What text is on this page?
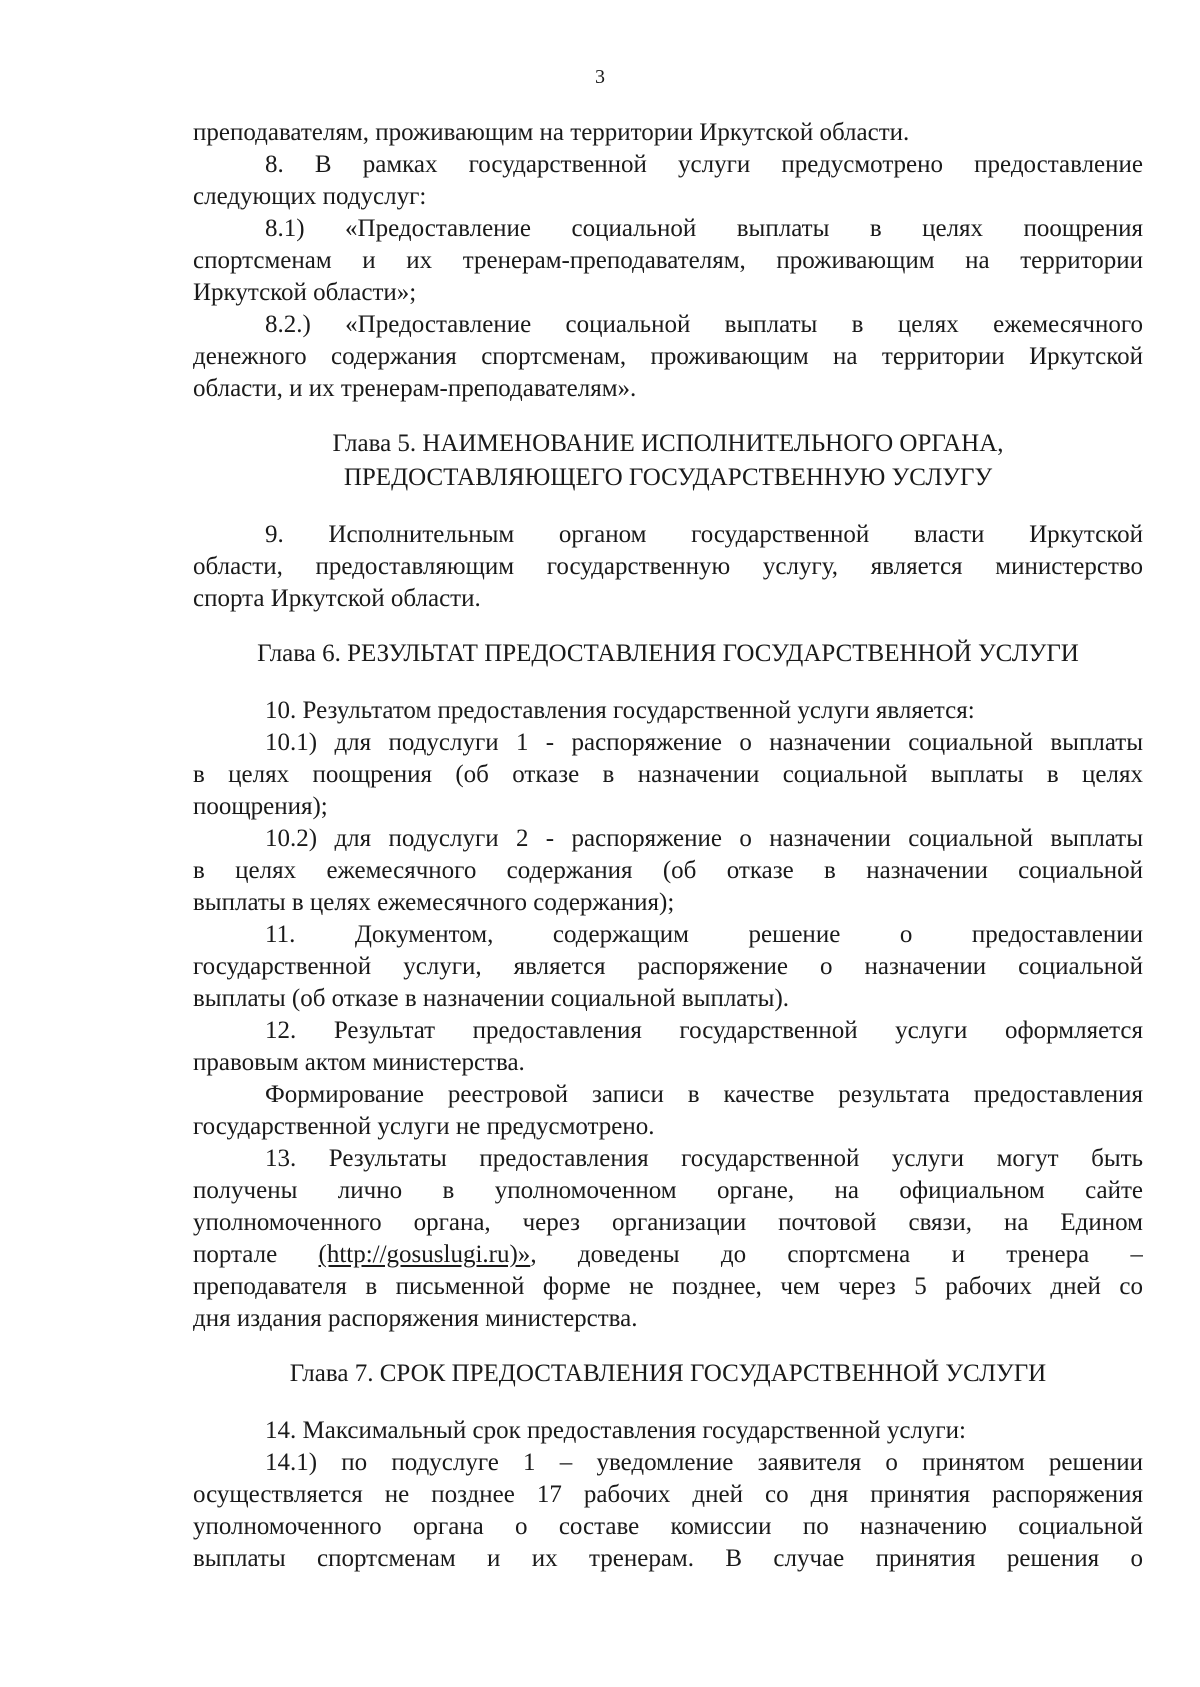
3
преподавателям, проживающим на территории Иркутской области.
8. В рамках государственной услуги предусмотрено предоставление
следующих подуслуг:
8.1) «Предоставление социальной выплаты в целях поощрения
спортсменам и их тренерам-преподавателям, проживающим на территории
Иркутской области»;
8.2.) «Предоставление социальной выплаты в целях ежемесячного
денежного содержания спортсменам, проживающим на территории Иркутской
области, и их тренерам-преподавателям».
Глава 5. НАИМЕНОВАНИЕ ИСПОЛНИТЕЛЬНОГО ОРГАНА,
ПРЕДОСТАВЛЯЮЩЕГО ГОСУДАРСТВЕННУЮ УСЛУГУ
9. Исполнительным органом государственной власти Иркутской
области, предоставляющим государственную услугу, является министерство
спорта Иркутской области.
Глава 6. РЕЗУЛЬТАТ ПРЕДОСТАВЛЕНИЯ ГОСУДАРСТВЕННОЙ УСЛУГИ
10. Результатом предоставления государственной услуги является:
10.1) для подуслуги 1 - распоряжение о назначении социальной выплаты
в целях поощрения (об отказе в назначении социальной выплаты в целях
поощрения);
10.2) для подуслуги 2 - распоряжение о назначении социальной выплаты
в целях ежемесячного содержания (об отказе в назначении социальной
выплаты в целях ежемесячного содержания);
11. Документом, содержащим решение о предоставлении
государственной услуги, является распоряжение о назначении социальной
выплаты (об отказе в назначении социальной выплаты).
12. Результат предоставления государственной услуги оформляется
правовым актом министерства.
Формирование реестровой записи в качестве результата предоставления
государственной услуги не предусмотрено.
13. Результаты предоставления государственной услуги могут быть
получены лично в уполномоченном органе, на официальном сайте
уполномоченного органа, через организации почтовой связи, на Едином
портале (http://gosuslugi.ru)», доведены до спортсмена и тренера –
преподавателя в письменной форме не позднее, чем через 5 рабочих дней со
дня издания распоряжения министерства.
Глава 7. СРОК ПРЕДОСТАВЛЕНИЯ ГОСУДАРСТВЕННОЙ УСЛУГИ
14. Максимальный срок предоставления государственной услуги:
14.1) по подуслуге 1 – уведомление заявителя о принятом решении
осуществляется не позднее 17 рабочих дней со дня принятия распоряжения
уполномоченного органа о составе комиссии по назначению социальной
выплаты спортсменам и их тренерам. В случае принятия решения о
